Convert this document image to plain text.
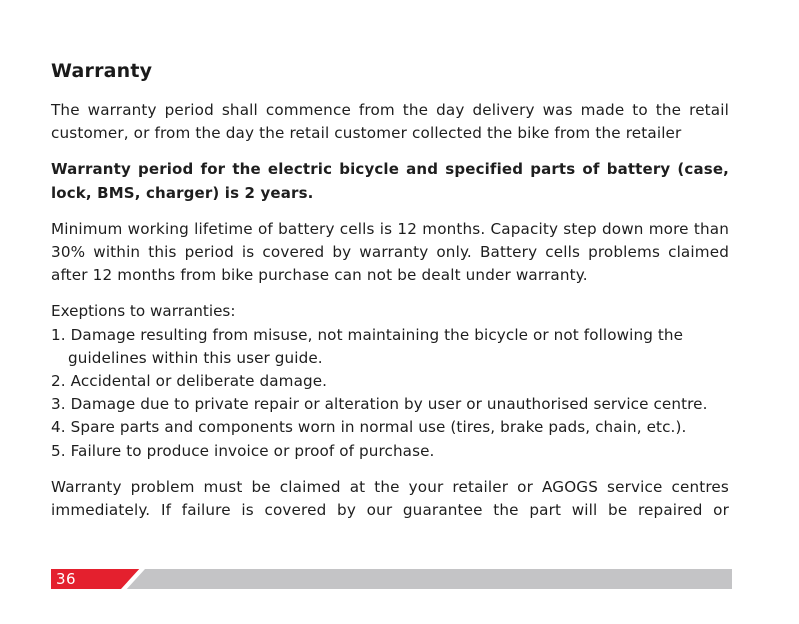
Warranty

The warranty period shall commence from the day delivery was made to the retail customer, or from the day the retail customer collected the bike from the retailer

Warranty period for the electric bicycle and specified parts of battery (case, lock, BMS, charger) is 2 years.

Minimum working lifetime of battery cells is 12 months. Capacity step down more than 30% within this period is covered by warranty only. Battery cells problems claimed after 12 months from bike purchase can not be dealt under warranty.

Exeptions to warranties:

1. Damage resulting from misuse, not maintaining the bicycle or not following the guidelines within this user guide.
2. Accidental or deliberate damage.
3. Damage due to private repair or alteration by user or unauthorised service centre.
4. Spare parts and components worn in normal use (tires, brake pads, chain, etc.).
5. Failure to produce invoice or proof of purchase.

Warranty problem must be claimed at the your retailer or AGOGS service centres immediately. If failure is covered by our guarantee the part will be repaired or

36
